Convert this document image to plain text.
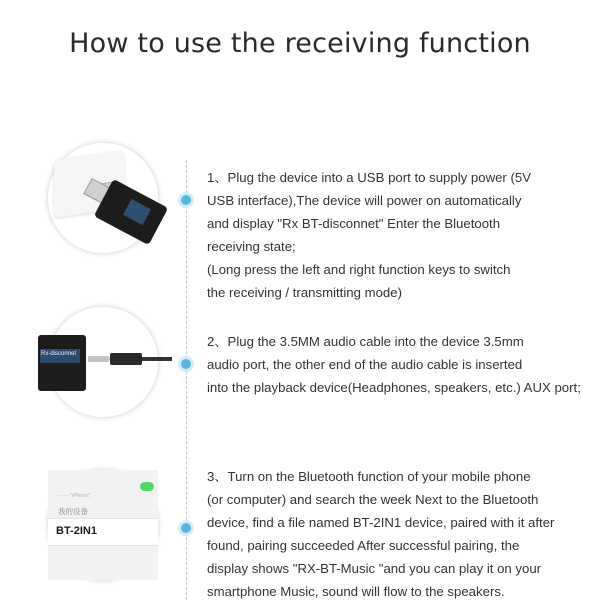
How to use the receiving function

1、Plug the device into a USB port to supply power (5V

USB interface),The device will power on automatically

and display "Rx BT-disconnet" Enter the Bluetooth

receiving state;

(Long press the left and right function keys to switch

the receiving / transmitting mode)

Rx-disconnet

2、Plug the 3.5MM audio cable into the device 3.5mm

audio port, the other end of the audio cable is inserted

into the playback device(Headphones, speakers, etc.) AUX port;

··· ···· "iPhone"。
我的设备
BT-2IN1

3、Turn on the Bluetooth function of your mobile phone

(or computer) and search the week Next to the Bluetooth

device, find a file named BT-2IN1 device, paired with it after

found, pairing succeeded After successful pairing, the

display shows "RX-BT-Music "and you can play it on your

smartphone Music, sound will flow to the speakers.
